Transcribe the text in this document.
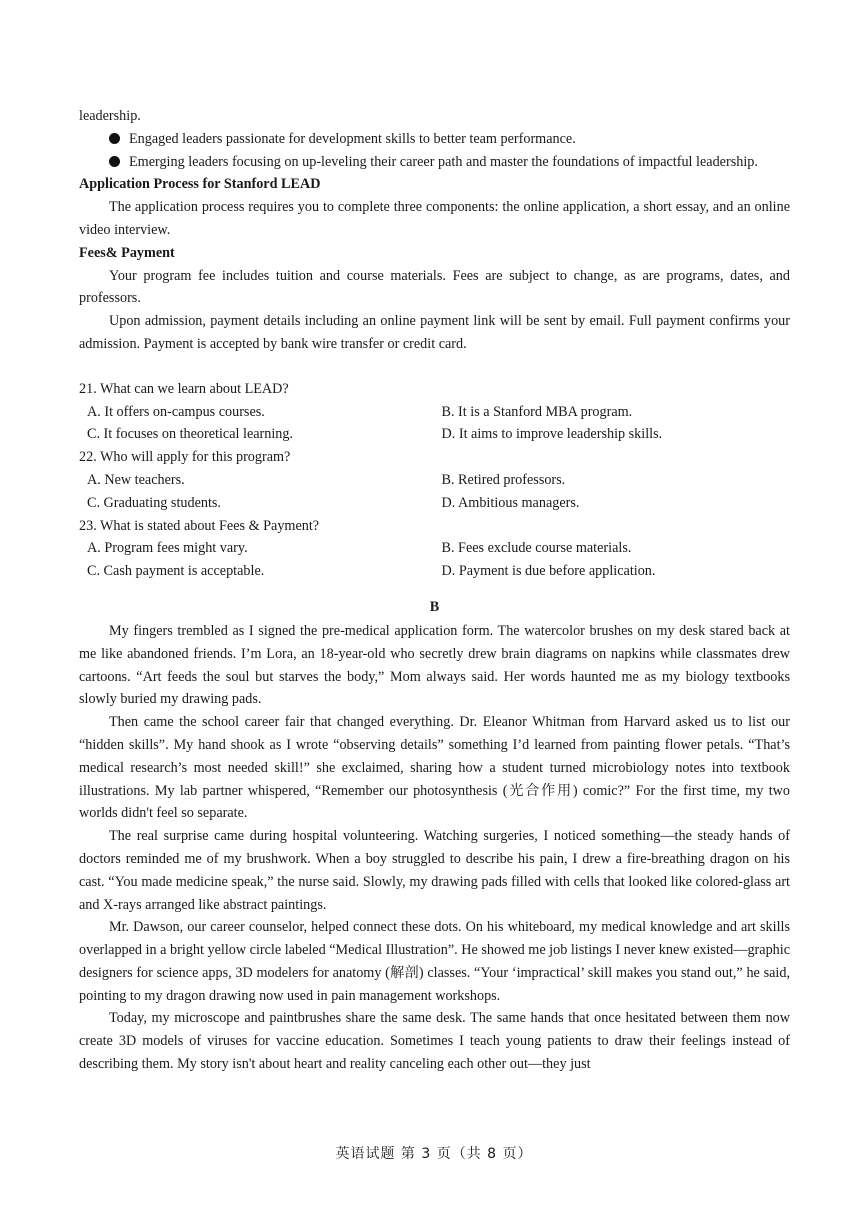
leadership.

Engaged leaders passionate for development skills to better team performance.

Emerging leaders focusing on up-leveling their career path and master the foundations of impactful leadership.

Application Process for Stanford LEAD

The application process requires you to complete three components: the online application, a short essay, and an online video interview.

Fees& Payment

Your program fee includes tuition and course materials. Fees are subject to change, as are programs, dates, and professors.

Upon admission, payment details including an online payment link will be sent by email. Full payment confirms your admission. Payment is accepted by bank wire transfer or credit card.

21. What can we learn about LEAD?

A. It offers on-campus courses.	B. It is a Stanford MBA program.
C. It focuses on theoretical learning.	D. It aims to improve leadership skills.

22. Who will apply for this program?

A. New teachers.	B. Retired professors.
C. Graduating students.	D. Ambitious managers.

23. What is stated about Fees & Payment?

A. Program fees might vary.	B. Fees exclude course materials.
C. Cash payment is acceptable.	D. Payment is due before application.

B

My fingers trembled as I signed the pre-medical application form. The watercolor brushes on my desk stared back at me like abandoned friends. I’m Lora, an 18-year-old who secretly drew brain diagrams on napkins while classmates drew cartoons. “Art feeds the soul but starves the body,” Mom always said. Her words haunted me as my biology textbooks slowly buried my drawing pads.

Then came the school career fair that changed everything. Dr. Eleanor Whitman from Harvard asked us to list our “hidden skills”. My hand shook as I wrote “observing details” something I’d learned from painting flower petals. “That’s medical research’s most needed skill!” she exclaimed, sharing how a student turned microbiology notes into textbook illustrations. My lab partner whispered, “Remember our photosynthesis (光合作用) comic?” For the first time, my two worlds didn't feel so separate.

The real surprise came during hospital volunteering. Watching surgeries, I noticed something—the steady hands of doctors reminded me of my brushwork. When a boy struggled to describe his pain, I drew a fire-breathing dragon on his cast. “You made medicine speak,” the nurse said. Slowly, my drawing pads filled with cells that looked like colored-glass art and X-rays arranged like abstract paintings.

Mr. Dawson, our career counselor, helped connect these dots. On his whiteboard, my medical knowledge and art skills overlapped in a bright yellow circle labeled “Medical Illustration”. He showed me job listings I never knew existed—graphic designers for science apps, 3D modelers for anatomy (解剖) classes. “Your ‘impractical’ skill makes you stand out,” he said, pointing to my dragon drawing now used in pain management workshops.

Today, my microscope and paintbrushes share the same desk. The same hands that once hesitated between them now create 3D models of viruses for vaccine education. Sometimes I teach young patients to draw their feelings instead of describing them. My story isn't about heart and reality canceling each other out—they just

英语试题 第 3 页（共 8 页）
